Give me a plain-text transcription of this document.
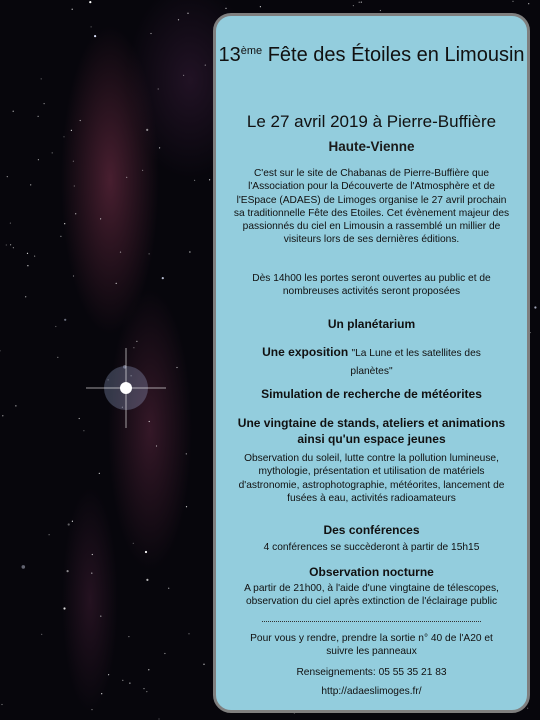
13ème Fête des Étoiles en Limousin
Le 27 avril 2019 à Pierre-Buffière
Haute-Vienne
C'est sur le site de Chabanas de Pierre-Buffière que l'Association pour la Découverte de l'Atmosphère et de l'ESpace (ADAES) de Limoges organise le 27 avril prochain sa traditionnelle Fête des Etoiles. Cet évènement majeur des passionnés du ciel en Limousin a rassemblé un millier de visiteurs lors de ses dernières éditions.
Dès 14h00 les portes seront ouvertes au public et de nombreuses activités seront proposées
Un planétarium
Une exposition "La Lune et les satellites des planètes"
Simulation de recherche de météorites
Une vingtaine de stands, ateliers et animations ainsi qu'un espace jeunes
Observation du soleil, lutte contre la pollution lumineuse, mythologie, présentation et utilisation de matériels d'astronomie, astrophotographie, météorites, lancement de fusées à eau, activités radioamateurs
Des conférences
4 conférences se succèderont à partir de 15h15
Observation nocturne
A partir de 21h00, à l'aide d'une vingtaine de télescopes, observation du ciel après extinction de l'éclairage public
Pour vous y rendre, prendre la sortie n° 40 de l'A20 et suivre les panneaux
Renseignements: 05 55 35 21 83
http://adaeslimoges.fr/
